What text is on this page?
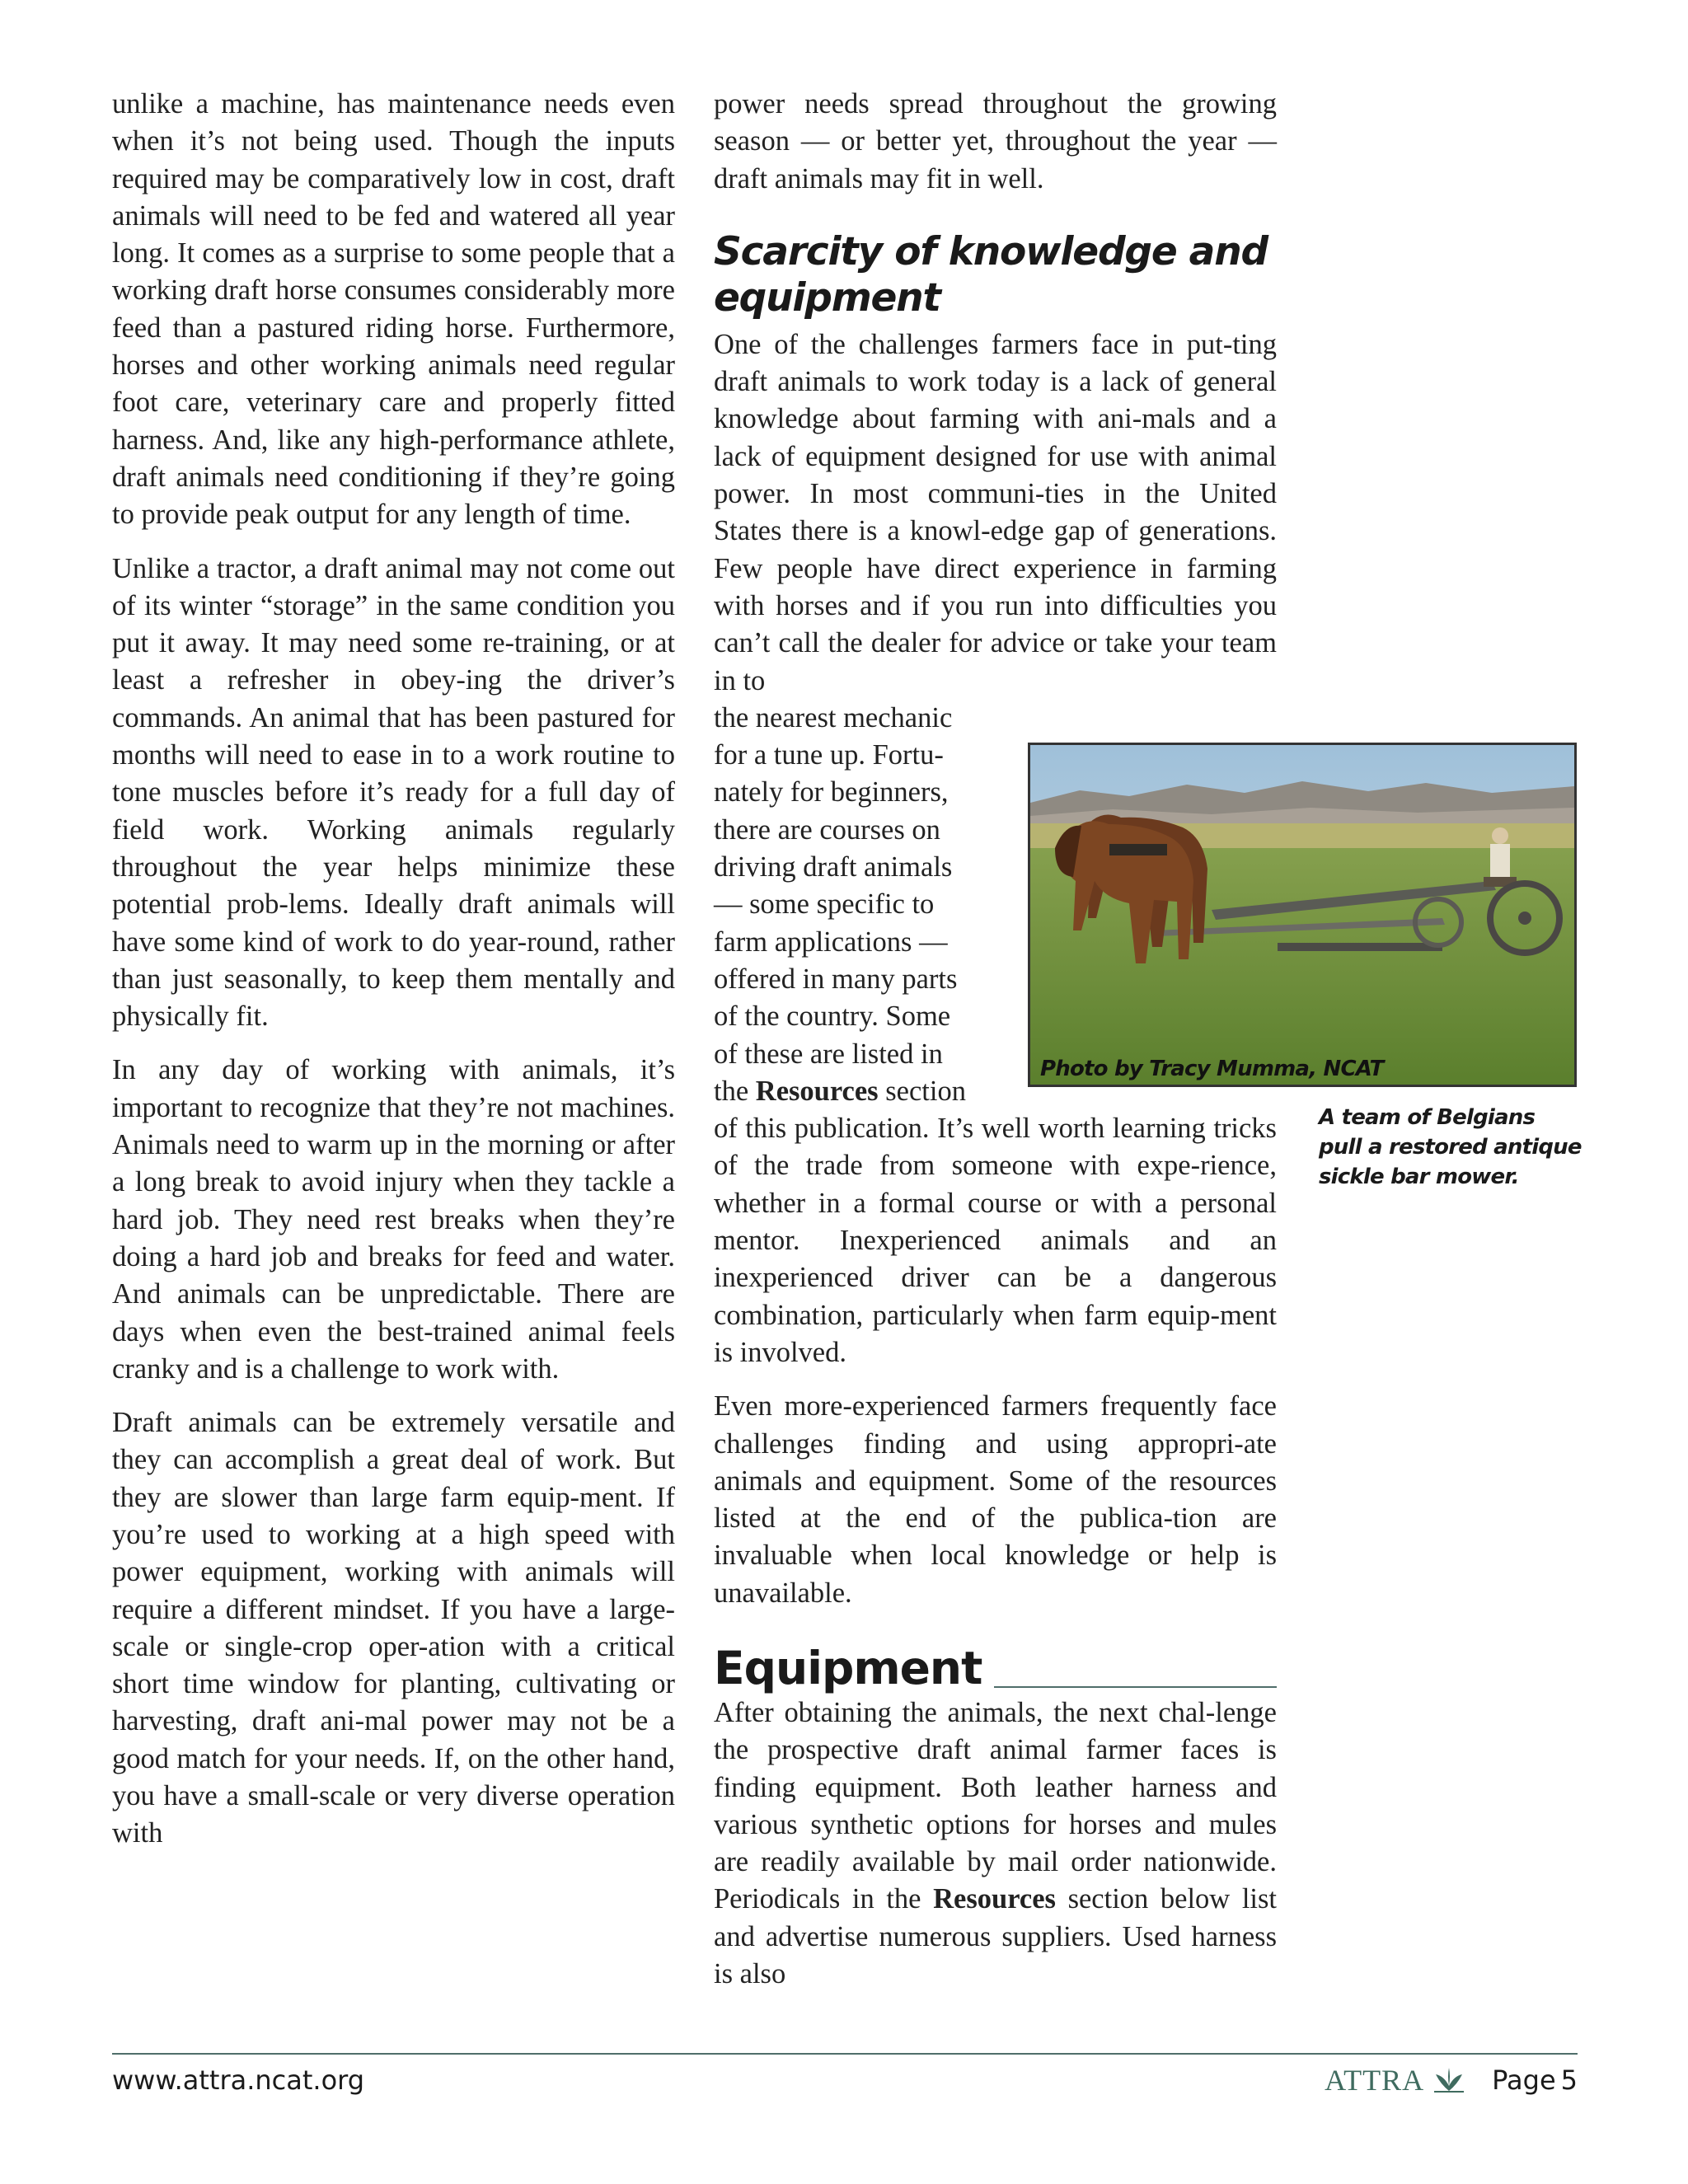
unlike a machine, has maintenance needs even when it’s not being used. Though the inputs required may be comparatively low in cost, draft animals will need to be fed and watered all year long. It comes as a surprise to some people that a working draft horse consumes considerably more feed than a pastured riding horse. Furthermore, horses and other working animals need regular foot care, veterinary care and properly fitted harness. And, like any high-performance athlete, draft animals need conditioning if they’re going to provide peak output for any length of time.

Unlike a tractor, a draft animal may not come out of its winter “storage” in the same condition you put it away. It may need some re-training, or at least a refresher in obey-ing the driver’s commands. An animal that has been pastured for months will need to ease in to a work routine to tone muscles before it’s ready for a full day of field work. Working animals regularly throughout the year helps minimize these potential prob-lems. Ideally draft animals will have some kind of work to do year-round, rather than just seasonally, to keep them mentally and physically fit.

In any day of working with animals, it’s important to recognize that they’re not machines. Animals need to warm up in the morning or after a long break to avoid injury when they tackle a hard job. They need rest breaks when they’re doing a hard job and breaks for feed and water. And animals can be unpredictable. There are days when even the best-trained animal feels cranky and is a challenge to work with.

Draft animals can be extremely versatile and they can accomplish a great deal of work. But they are slower than large farm equip-ment. If you’re used to working at a high speed with power equipment, working with animals will require a different mindset. If you have a large-scale or single-crop oper-ation with a critical short time window for planting, cultivating or harvesting, draft ani-mal power may not be a good match for your needs. If, on the other hand, you have a small-scale or very diverse operation with

power needs spread throughout the growing season — or better yet, throughout the year — draft animals may fit in well.

Scarcity of knowledge and equipment

One of the challenges farmers face in put-ting draft animals to work today is a lack of general knowledge about farming with ani-mals and a lack of equipment designed for use with animal power. In most communi-ties in the United States there is a knowl-edge gap of generations. Few people have direct experience in farming with horses and if you run into difficulties you can’t call the dealer for advice or take your team in to

the nearest mechanic
for a tune up. Fortu-
nately for beginners,
there are courses on
driving draft animals
— some specific to
farm applications —
offered in many parts
of the country. Some
of these are listed in
the Resources section

of this publication. It’s well worth learning tricks of the trade from someone with expe-rience, whether in a formal course or with a personal mentor. Inexperienced animals and an inexperienced driver can be a dangerous combination, particularly when farm equip-ment is involved.

Even more-experienced farmers frequently face challenges finding and using appropri-ate animals and equipment. Some of the resources listed at the end of the publica-tion are invaluable when local knowledge or help is unavailable.

Equipment

After obtaining the animals, the next chal-lenge the prospective draft animal farmer faces is finding equipment. Both leather harness and various synthetic options for horses and mules are readily available by mail order nationwide. Periodicals in the Resources section below list and advertise numerous suppliers. Used harness is also

Photo by Tracy Mumma, NCAT
A team of Belgians pull a restored antique sickle bar mower.
www.attra.ncat.org	ATTRA	Page 5
